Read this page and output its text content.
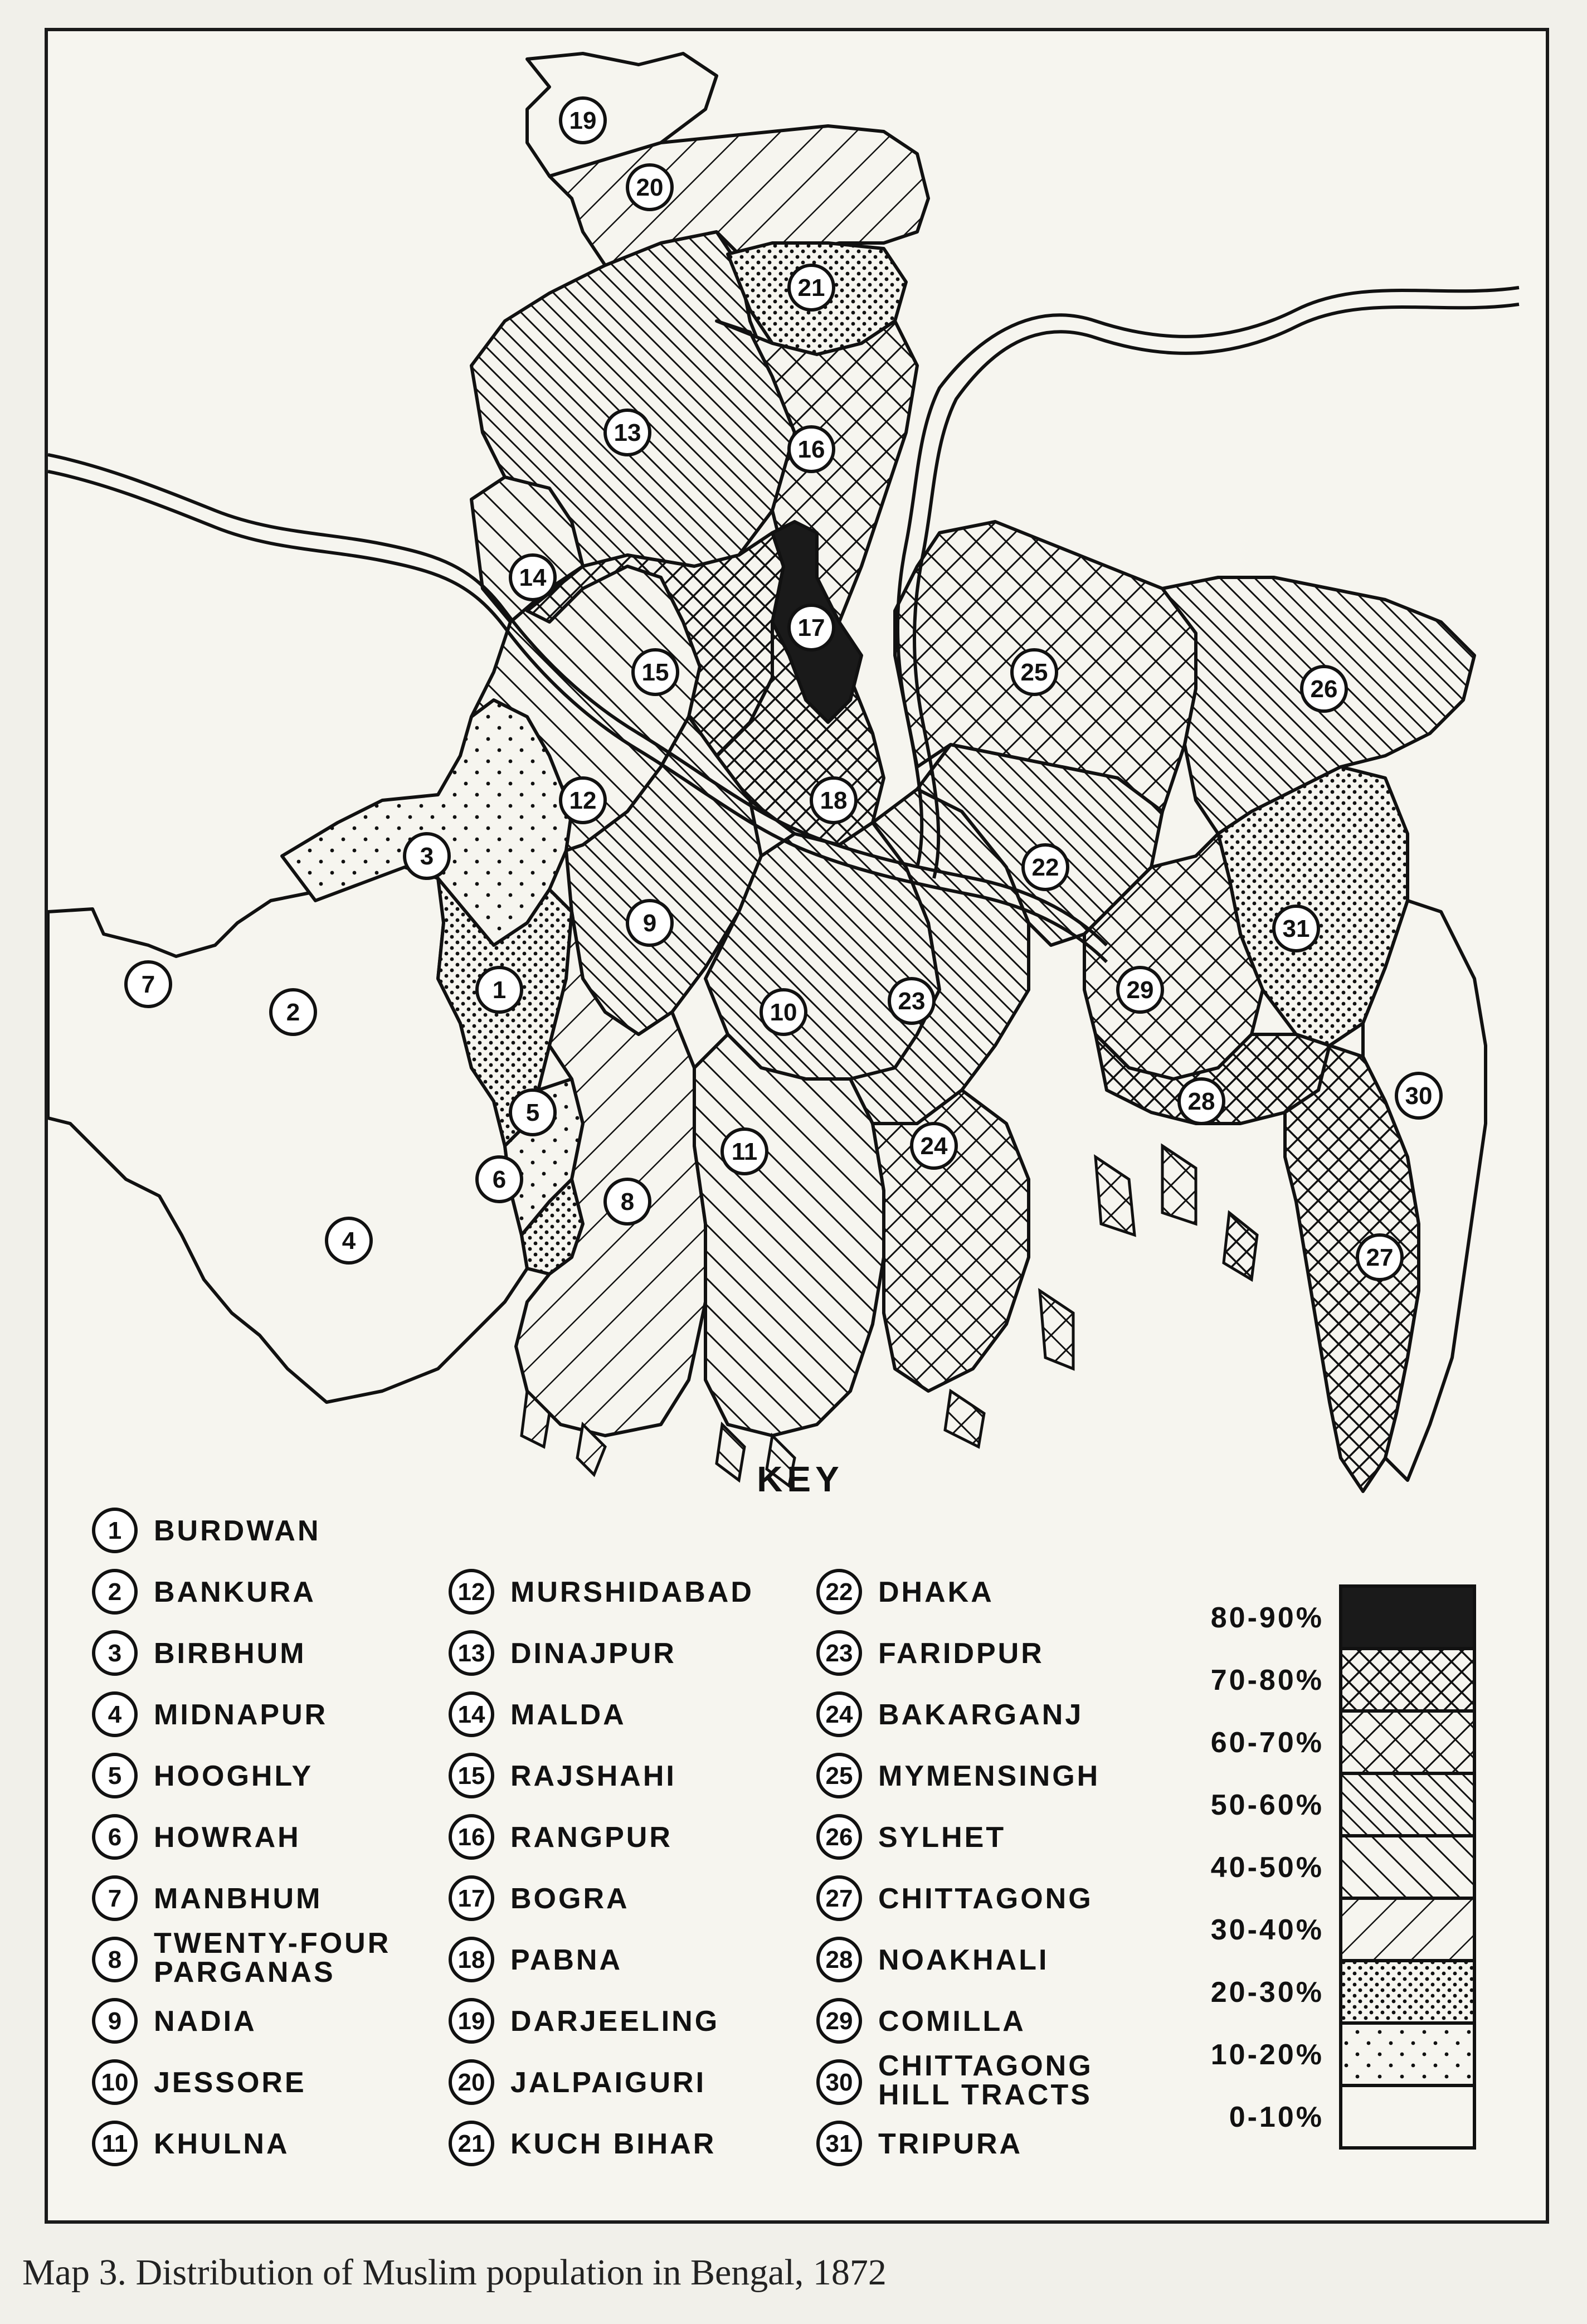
1
2
3
4
5
6
7
8
9
10
11
12
13
14
15
16
17
18
19
20
21
22
23
24
25
26
27
28
29
30
31
KEY
1 BURDWAN
2 BANKURA
3 BIRBHUM
4 MIDNAPUR
5 HOOGHLY
6 HOWRAH
7 MANBHUM
8
TWENTY-FOUR
PARGANAS
9 NADIA
10 JESSORE
11 KHULNA
12 MURSHIDABAD
13 DINAJPUR
14 MALDA
15 RAJSHAHI
16 RANGPUR
17 BOGRA
18 PABNA
19 DARJEELING
20 JALPAIGURI
21 KUCH BIHAR
22 DHAKA
23 FARIDPUR
24 BAKARGANJ
25 MYMENSINGH
26 SYLHET
27 CHITTAGONG
28 NOAKHALI
29 COMILLA
30
CHITTAGONG
HILL TRACTS
31 TRIPURA
80-90%
70-80%
60-70%
50-60%
40-50%
30-40%
20-30%
10-20%
0-10%
Map 3. Distribution of Muslim population in Bengal, 1872
